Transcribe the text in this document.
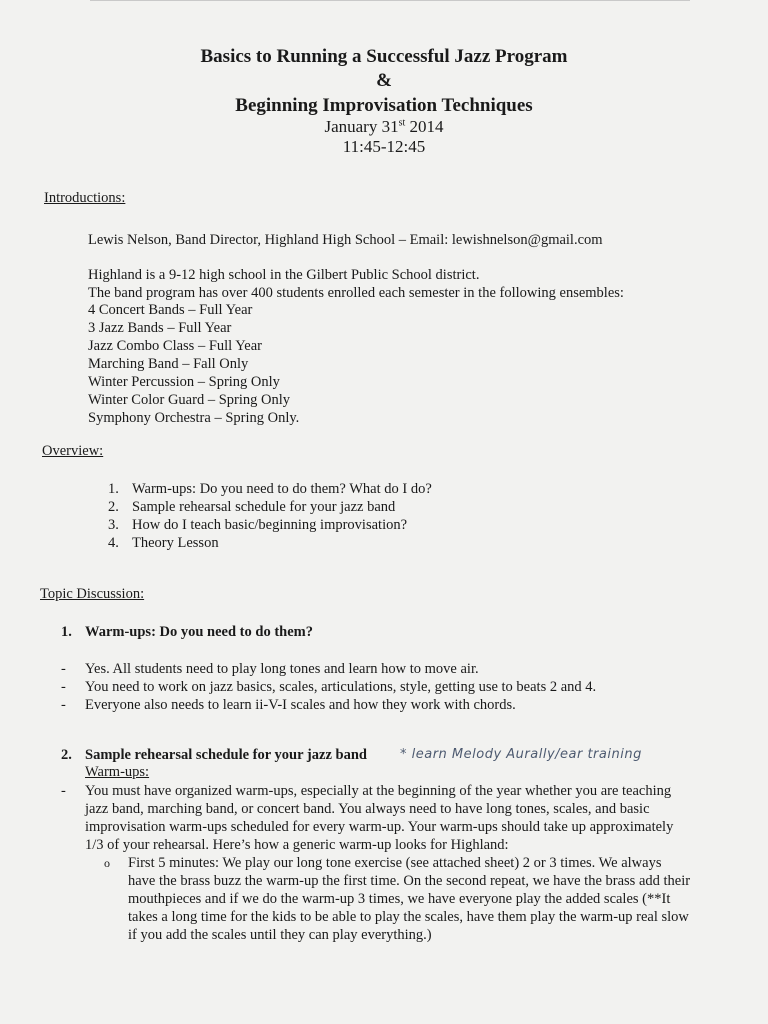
Basics to Running a Successful Jazz Program
&
Beginning Improvisation Techniques
January 31st 2014
11:45-12:45
Introductions:
Lewis Nelson, Band Director, Highland High School – Email: lewishnelson@gmail.com
Highland is a 9-12 high school in the Gilbert Public School district.
The band program has over 400 students enrolled each semester in the following ensembles:
4 Concert Bands – Full Year
3 Jazz Bands – Full Year
Jazz Combo Class – Full Year
Marching Band – Fall Only
Winter Percussion – Spring Only
Winter Color Guard – Spring Only
Symphony Orchestra – Spring Only.
Overview:
1. Warm-ups: Do you need to do them? What do I do?
2. Sample rehearsal schedule for your jazz band
3. How do I teach basic/beginning improvisation?
4. Theory Lesson
Topic Discussion:
1. Warm-ups: Do you need to do them?
- Yes. All students need to play long tones and learn how to move air.
- You need to work on jazz basics, scales, articulations, style, getting use to beats 2 and 4.
- Everyone also needs to learn ii-V-I scales and how they work with chords.
2. Sample rehearsal schedule for your jazz band	* learn Melody Aurally/ear training
Warm-ups:
- You must have organized warm-ups, especially at the beginning of the year whether you are teaching
jazz band, marching band, or concert band. You always need to have long tones, scales, and basic
improvisation warm-ups scheduled for every warm-up. Your warm-ups should take up approximately
1/3 of your rehearsal. Here’s how a generic warm-up looks for Highland:
o First 5 minutes: We play our long tone exercise (see attached sheet) 2 or 3 times. We always
have the brass buzz the warm-up the first time. On the second repeat, we have the brass add their
mouthpieces and if we do the warm-up 3 times, we have everyone play the added scales (**It
takes a long time for the kids to be able to play the scales, have them play the warm-up real slow
if you add the scales until they can play everything.)
